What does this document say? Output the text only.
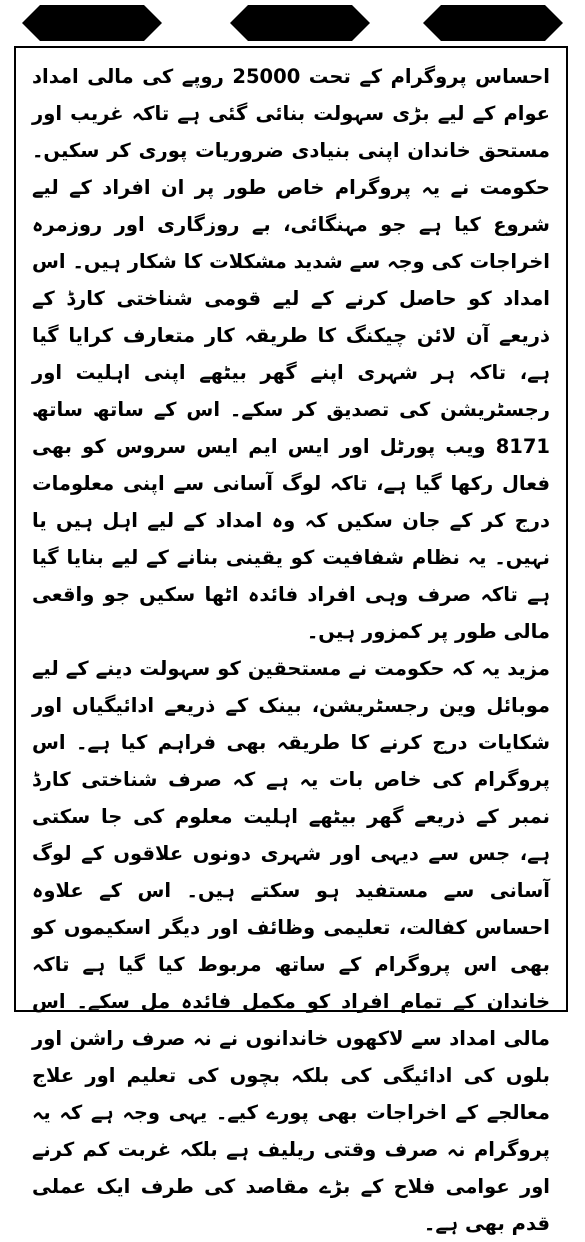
احساس پروگرام کے تحت 25000 روپے کی مالی امداد عوام کے لیے بڑی سہولت بنائی گئی ہے تاکہ غریب اور مستحق خاندان اپنی بنیادی ضروریات پوری کر سکیں۔ حکومت نے یہ پروگرام خاص طور پر ان افراد کے لیے شروع کیا ہے جو مہنگائی، بے روزگاری اور روزمرہ اخراجات کی وجہ سے شدید مشکلات کا شکار ہیں۔ اس امداد کو حاصل کرنے کے لیے قومی شناختی کارڈ کے ذریعے آن لائن چیکنگ کا طریقہ کار متعارف کرایا گیا ہے، تاکہ ہر شہری اپنے گھر بیٹھے اپنی اہلیت اور رجسٹریشن کی تصدیق کر سکے۔ اس کے ساتھ ساتھ 8171 ویب پورٹل اور ایس ایم ایس سروس کو بھی فعال رکھا گیا ہے، تاکہ لوگ آسانی سے اپنی معلومات درج کر کے جان سکیں کہ وہ امداد کے لیے اہل ہیں یا نہیں۔ یہ نظام شفافیت کو یقینی بنانے کے لیے بنایا گیا ہے تاکہ صرف وہی افراد فائدہ اٹھا سکیں جو واقعی مالی طور پر کمزور ہیں۔

مزید یہ کہ حکومت نے مستحقین کو سہولت دینے کے لیے موبائل وین رجسٹریشن، بینک کے ذریعے ادائیگیاں اور شکایات درج کرنے کا طریقہ بھی فراہم کیا ہے۔ اس پروگرام کی خاص بات یہ ہے کہ صرف شناختی کارڈ نمبر کے ذریعے گھر بیٹھے اہلیت معلوم کی جا سکتی ہے، جس سے دیہی اور شہری دونوں علاقوں کے لوگ آسانی سے مستفید ہو سکتے ہیں۔ اس کے علاوہ احساس کفالت، تعلیمی وظائف اور دیگر اسکیموں کو بھی اس پروگرام کے ساتھ مربوط کیا گیا ہے تاکہ خاندان کے تمام افراد کو مکمل فائدہ مل سکے۔ اس مالی امداد سے لاکھوں خاندانوں نے نہ صرف راشن اور بلوں کی ادائیگی کی بلکہ بچوں کی تعلیم اور علاج معالجے کے اخراجات بھی پورے کیے۔ یہی وجہ ہے کہ یہ پروگرام نہ صرف وقتی ریلیف ہے بلکہ غربت کم کرنے اور عوامی فلاح کے بڑے مقاصد کی طرف ایک عملی قدم بھی ہے۔
